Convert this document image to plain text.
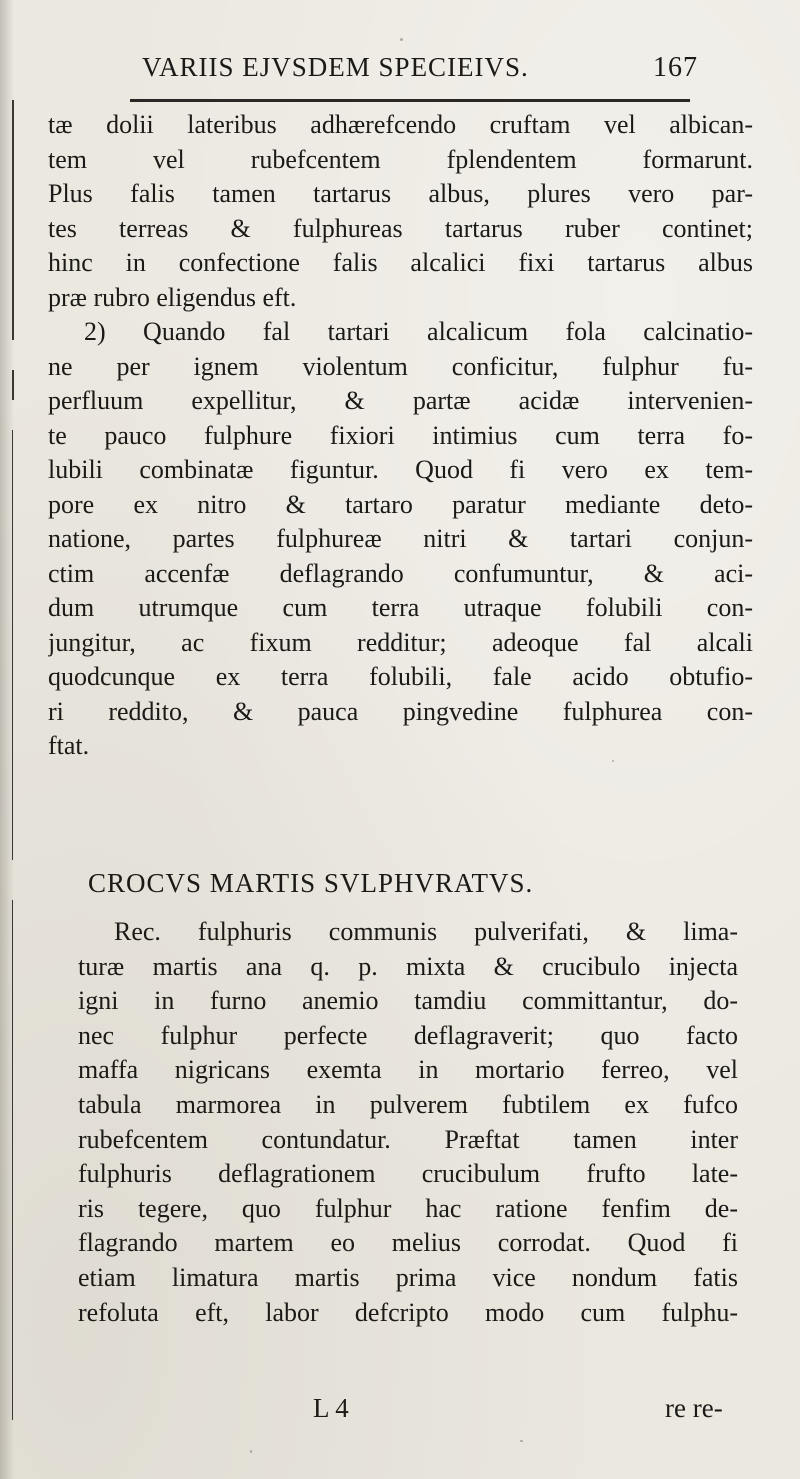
VARIIS EJVSDEM SPECIEIVS.	167
tæ dolii lateribus adhærefcendo cruftam vel albican-
tem vel rubefcentem fplendentem formarunt.
Plus falis tamen tartarus albus, plures vero par-
tes terreas & fulphureas tartarus ruber continet;
hinc in confectione falis alcalici fixi tartarus albus
præ rubro eligendus eft.
2) Quando fal tartari alcalicum fola calcinatio-
ne per ignem violentum conficitur, fulphur fu-
perfluum expellitur, & partæ acidæ intervenien-
te pauco fulphure fixiori intimius cum terra fo-
lubili combinatæ figuntur. Quod fi vero ex tem-
pore ex nitro & tartaro paratur mediante deto-
natione, partes fulphureæ nitri & tartari conjun-
ctim accenfæ deflagrando confumuntur, & aci-
dum utrumque cum terra utraque folubili con-
jungitur, ac fixum redditur; adeoque fal alcali
quodcunque ex terra folubili, fale acido obtufio-
ri reddito, & pauca pingvedine fulphurea con-
ftat.
CROCVS MARTIS SVLPHVRATVS.
Rec. fulphuris communis pulverifati, & lima-
turæ martis ana q. p. mixta & crucibulo injecta
igni in furno anemio tamdiu committantur, do-
nec fulphur perfecte deflagraverit; quo facto
maffa nigricans exemta in mortario ferreo, vel
tabula marmorea in pulverem fubtilem ex fufco
rubefcentem contundatur. Præftat tamen inter
fulphuris deflagrationem crucibulum frufto late-
ris tegere, quo fulphur hac ratione fenfim de-
flagrando martem eo melius corrodat. Quod fi
etiam limatura martis prima vice nondum fatis
refoluta eft, labor defcripto modo cum fulphu-
L 4	re re-
